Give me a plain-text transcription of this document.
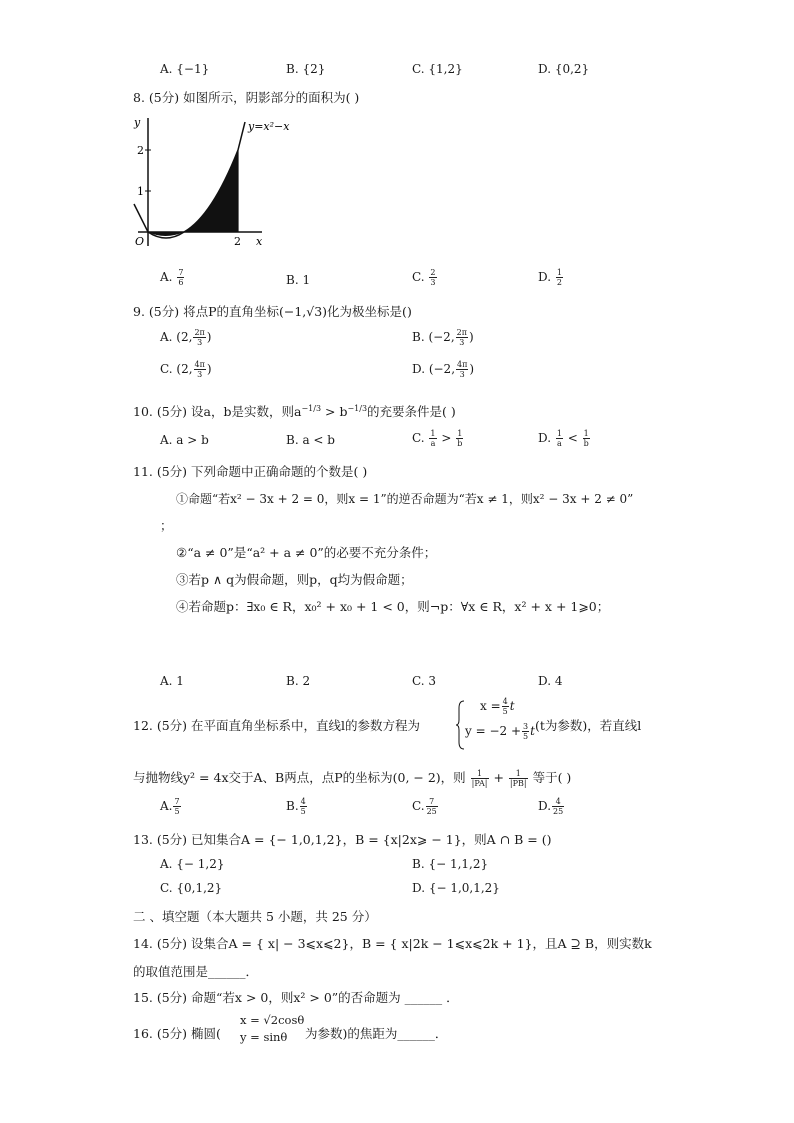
A. {−1}	B. {2}	C. {1,2}	D. {0,2}
8. (5分) 如图所示，阴影部分的面积为( )
y
2
1
O	2 x
y=x²−x
A. $\frac{7}{6}$	B. 1	C. $\frac{2}{3}$	D. $\frac{1}{2}$
9. (5分) 将点P的直角坐标(−1,√3)化为极坐标是()
A. (2, $\frac{2\pi}{3}$ )	B. (−2, $\frac{2\pi}{3}$ )
C. (2, $\frac{4\pi}{3}$ )	D. (−2, $\frac{4\pi}{3}$ )
10. (5分) 设a，b是实数，则$a^{-1/3} > b^{-1/3}$的充要条件是( )
A. a > b	B. a < b	C. $\frac{1}{a} > \frac{1}{b}$	D. $\frac{1}{a} < \frac{1}{b}$
11. (5分) 下列命题中正确命题的个数是( )
①命题“若x² − 3x + 2 = 0，则x = 1”的逆否命题为“若x ≠ 1，则x² − 3x + 2 ≠ 0”
；
②“a ≠ 0”是“a² + a ≠ 0”的必要不充分条件；
③若p ∧ q为假命题，则p，q均为假命题；
④若命题p：∃x₀ ∈ R，x₀² + x₀ + 1 < 0，则¬p：∀x ∈ R，x² + x + 1⩾0；
A. 1	B. 2	C. 3	D. 4
12. (5分) 在平面直角坐标系中，直线l的参数方程为
$x = \frac{4}{5}$ t
$y = -2 + \frac{3}{5}$ t (t为参数)，若直线l
与抛物线y² = 4x交于A、B两点，点P的坐标为(0, − 2)，则 $\frac{1}{|PA|} + \frac{1}{|PB|}$ 等于( )
A. $\frac{7}{5}$	B. $\frac{4}{5}$	C. $\frac{7}{25}$	D. $\frac{4}{25}$
13. (5分) 已知集合A = {− 1,0,1,2}，B = {x|2x⩾ − 1}，则A ∩ B = ()
A. {− 1,2}	B. {− 1,1,2}
C. {0,1,2}	D. {− 1,0,1,2}
二 、填空题（本大题共 5 小题，共 25 分）
14. (5分) 设集合A = { x| − 3⩽x⩽2}，B = { x|2k − 1⩽x⩽2k + 1}，且A ⊇ B，则实数k
的取值范围是______．
15. (5分) 命题“若x > 0，则x² > 0”的否命题为 ______ ．
16. (5分) 椭圆(
x = √2cosθ
y = sinθ 为参数)的焦距为______．
